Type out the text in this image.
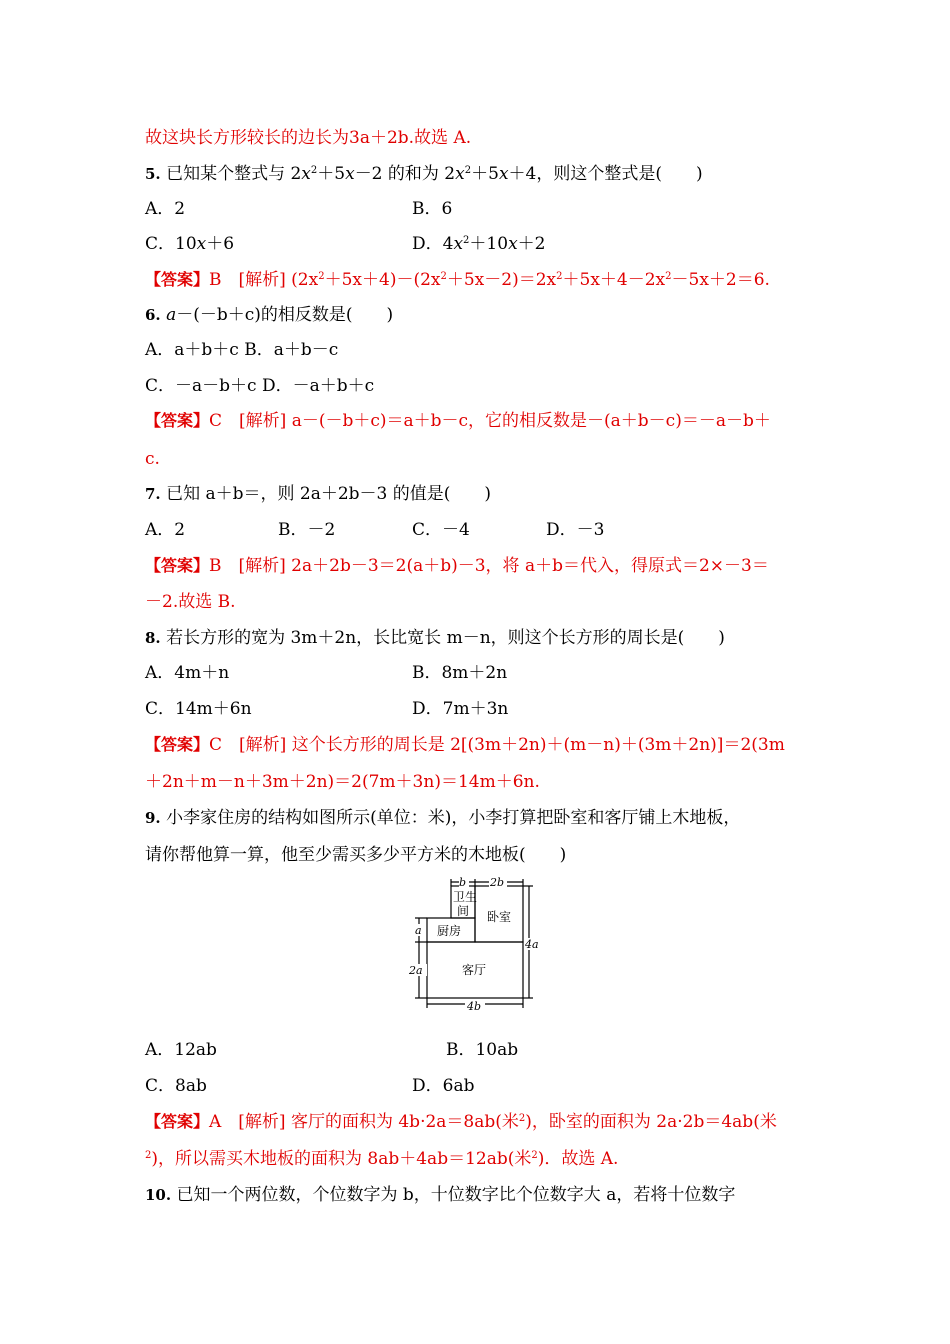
故这块长方形较长的边长为3a＋2b.故选 A.
5. 已知某个整式与 $2x^2+5x-2$ 的和为 $2x^2+5x+4$，则这个整式是(　　)
A．2	B．6
C．10x＋6	D．$4x^2+10x+2$
【答案】B　[解析] $(2x^2+5x+4)-(2x^2+5x-2)=2x^2+5x+4-2x^2-5x+2=6$.
6. a－(－b＋c)的相反数是(　　)
A．a＋b＋c B．a＋b－c
C．－a－b＋c D．－a＋b＋c
【答案】C　[解析] a－(－b＋c)＝a＋b－c，它的相反数是－(a＋b－c)＝－a－b＋
c.
7. 已知 a＋b＝，则 2a＋2b－3 的值是(　　)
A．2	B．－2	C．－4	D．－3
【答案】B　[解析] 2a＋2b－3＝2(a＋b)－3，将 a＋b＝代入，得原式＝2×－3＝
－2.故选 B.
8. 若长方形的宽为 3m＋2n，长比宽长 m－n，则这个长方形的周长是(　　)
A．4m＋n	B．8m＋2n
C．14m＋6n	D．7m＋3n
【答案】C　[解析] 这个长方形的周长是 2[(3m＋2n)＋(m－n)＋(3m＋2n)]＝2(3m
＋2n＋m－n＋3m＋2n)＝2(7m＋3n)＝14m＋6n.
9. 小李家住房的结构如图所示(单位：米)，小李打算把卧室和客厅铺上木地板，
请你帮他算一算，他至少需买多少平方米的木地板(　　)
b 2b
卫生
间 卧室
厨房
客厅
a
2a
4a
4b
A．12ab	B．10ab
C．8ab	D．6ab
【答案】A　[解析] 客厅的面积为 4b·2a＝8ab(米$^2$)，卧室的面积为 2a·2b＝4ab(米
$^2$)，所以需买木地板的面积为 8ab＋4ab＝12ab(米$^2$)．故选 A.
10. 已知一个两位数，个位数字为 b，十位数字比个位数字大 a，若将十位数字
